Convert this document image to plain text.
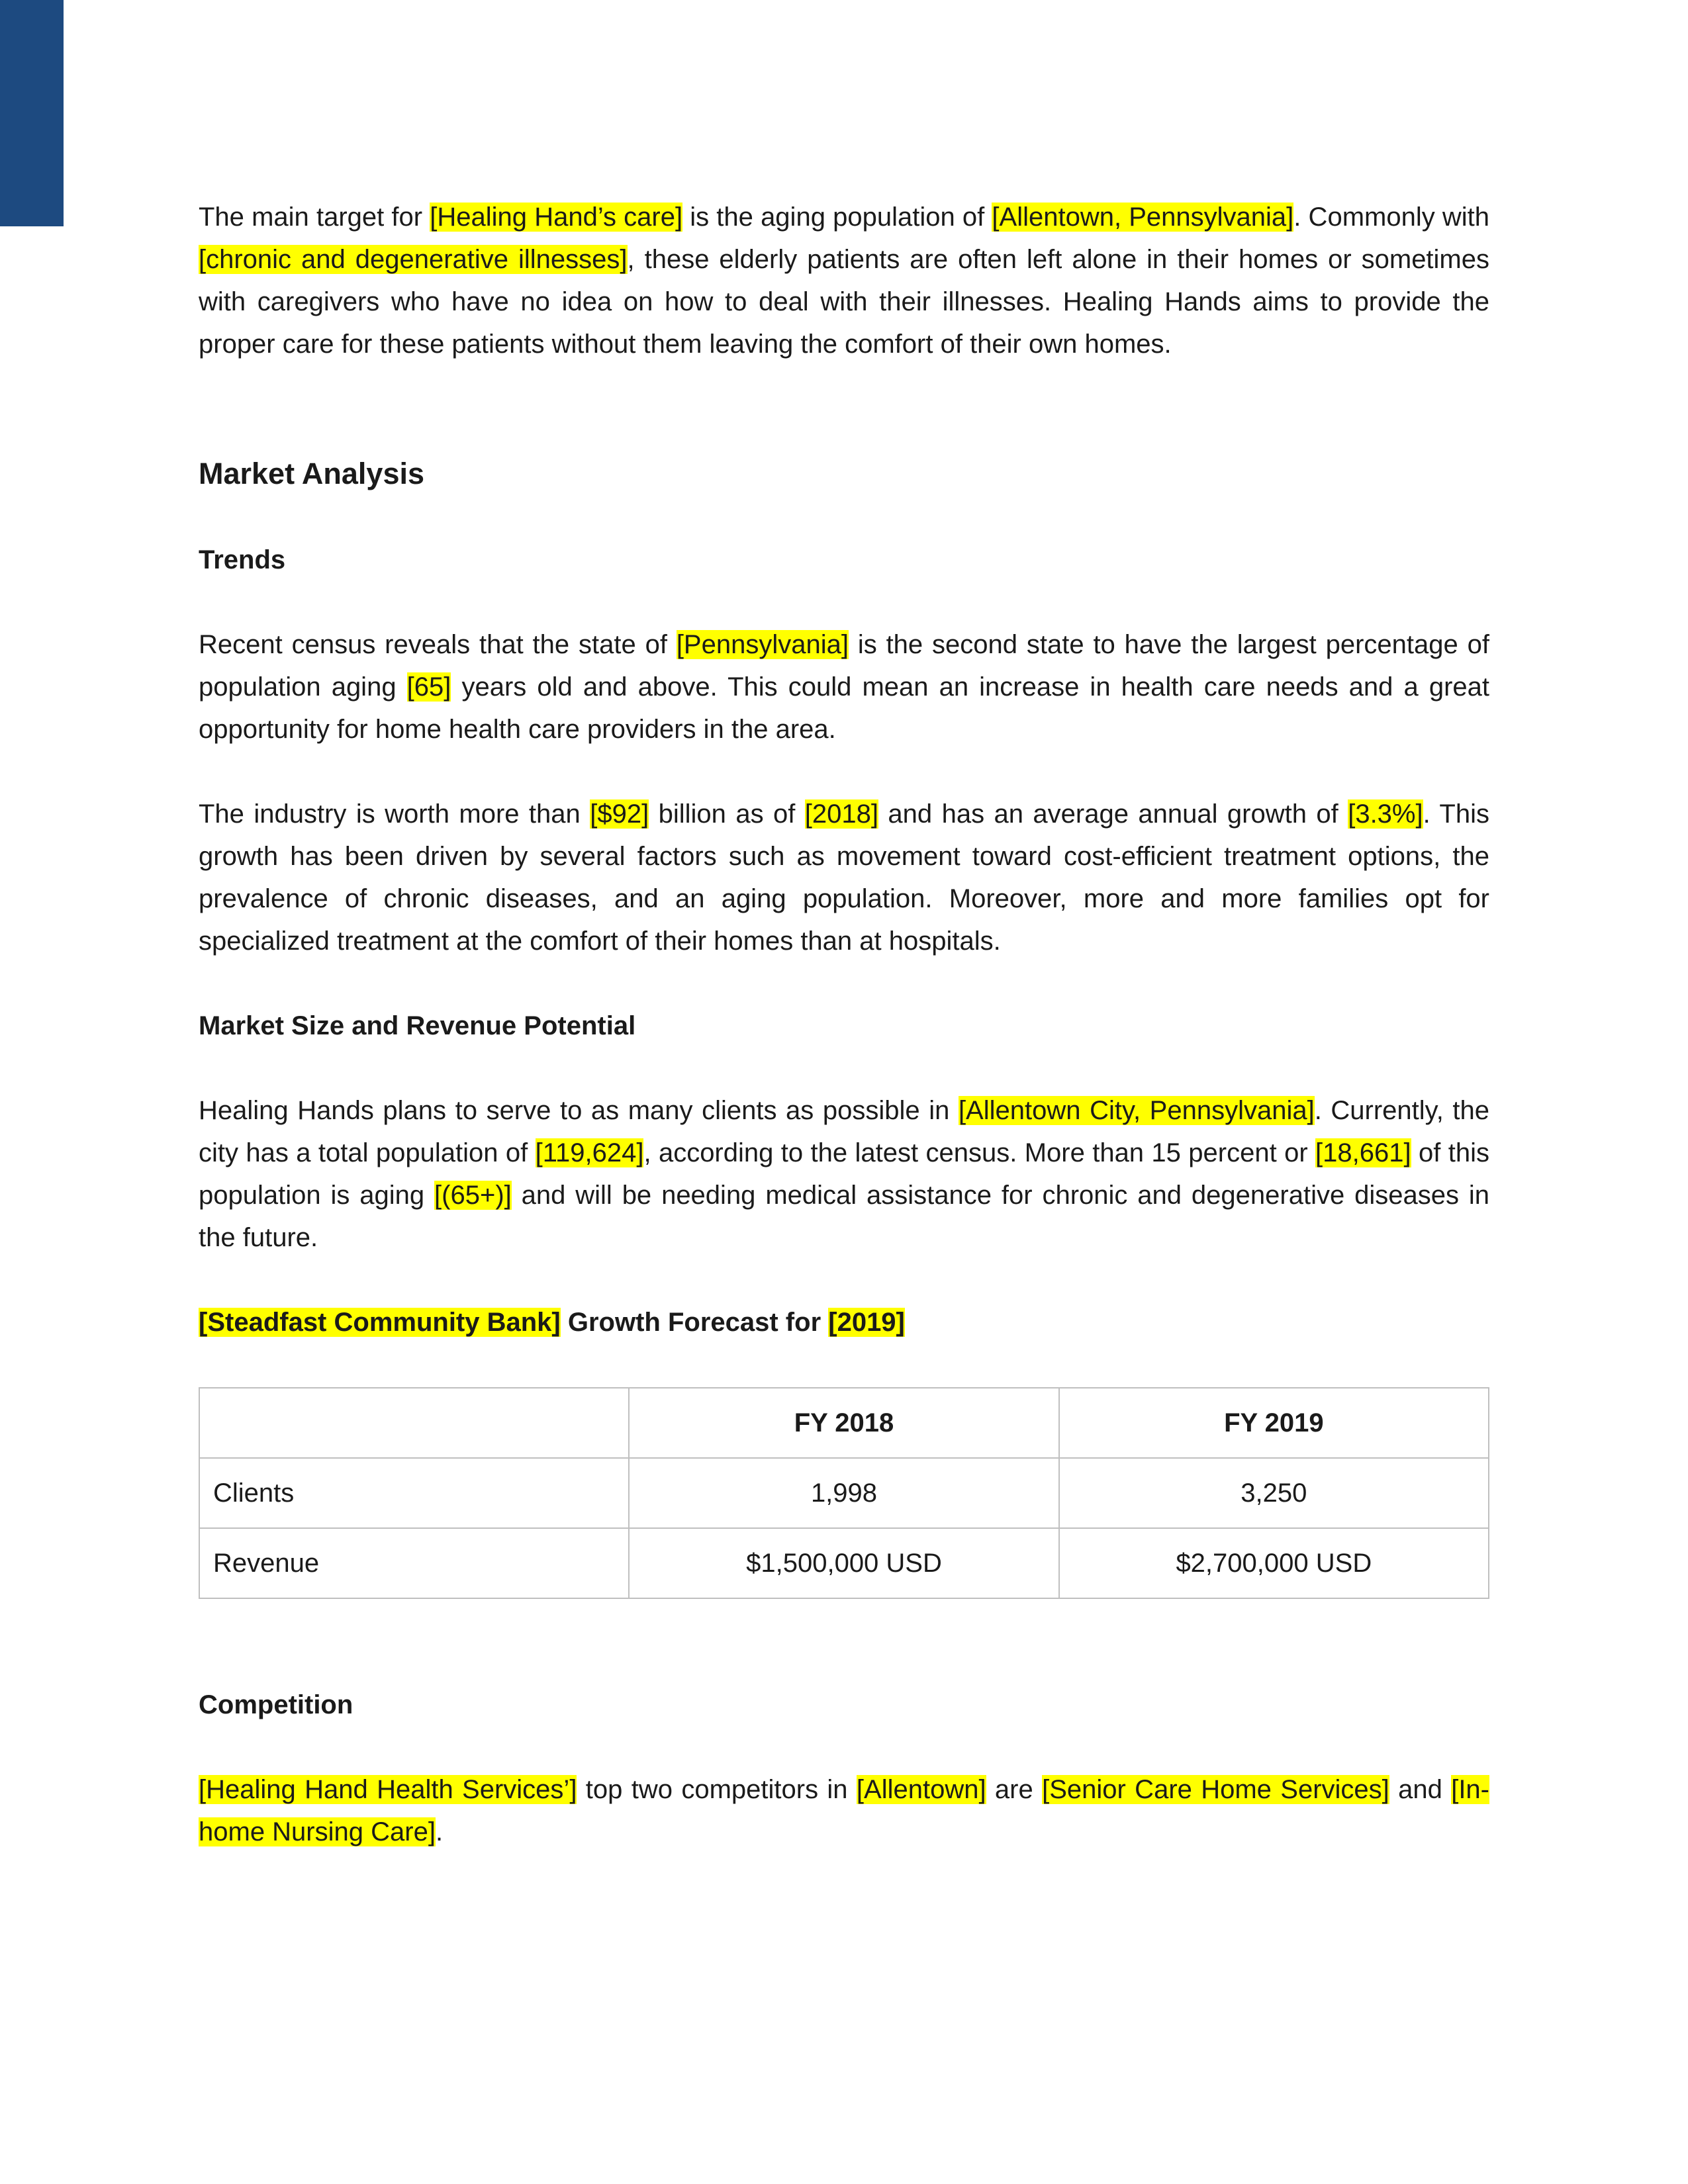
The main target for [Healing Hand’s care] is the aging population of [Allentown, Pennsylvania]. Commonly with [chronic and degenerative illnesses], these elderly patients are often left alone in their homes or sometimes with caregivers who have no idea on how to deal with their illnesses. Healing Hands aims to provide the proper care for these patients without them leaving the comfort of their own homes.

Market Analysis
Trends

Recent census reveals that the state of [Pennsylvania] is the second state to have the largest percentage of population aging [65] years old and above. This could mean an increase in health care needs and a great opportunity for home health care providers in the area.

The industry is worth more than [$92] billion as of [2018] and has an average annual growth of [3.3%]. This growth has been driven by several factors such as movement toward cost-efficient treatment options, the prevalence of chronic diseases, and an aging population. Moreover, more and more families opt for specialized treatment at the comfort of their homes than at hospitals.

Market Size and Revenue Potential

Healing Hands plans to serve to as many clients as possible in [Allentown City, Pennsylvania]. Currently, the city has a total population of [119,624], according to the latest census. More than 15 percent or [18,661] of this population is aging [(65+)] and will be needing medical assistance for chronic and degenerative diseases in the future.

[Steadfast Community Bank] Growth Forecast for [2019]
	FY 2018	FY 2019
Clients	1,998	3,250
Revenue	$1,500,000 USD	$2,700,000 USD
Competition

[Healing Hand Health Services’] top two competitors in [Allentown] are [Senior Care Home Services] and [In-home Nursing Care].
